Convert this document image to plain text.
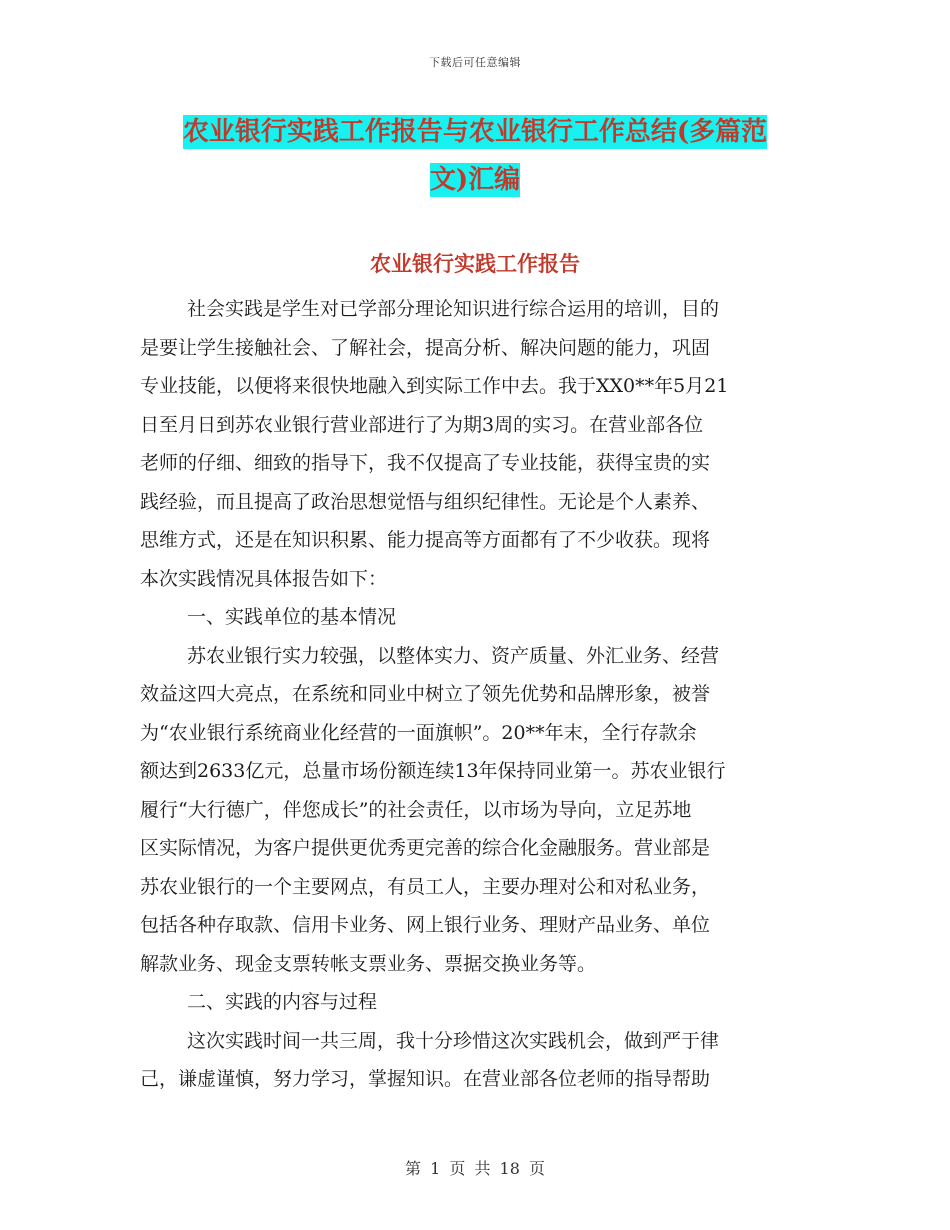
下载后可任意编辑
农业银行实践工作报告与农业银行工作总结(多篇范
文)汇编
农业银行实践工作报告
社会实践是学生对已学部分理论知识进行综合运用的培训，目的
是要让学生接触社会、了解社会，提高分析、解决问题的能力，巩固
专业技能，以便将来很快地融入到实际工作中去。我于XX0**年5月21
日至月日到苏农业银行营业部进行了为期3周的实习。在营业部各位
老师的仔细、细致的指导下，我不仅提高了专业技能，获得宝贵的实
践经验，而且提高了政治思想觉悟与组织纪律性。无论是个人素养、
思维方式，还是在知识积累、能力提高等方面都有了不少收获。现将
本次实践情况具体报告如下：
一、实践单位的基本情况
苏农业银行实力较强，以整体实力、资产质量、外汇业务、经营
效益这四大亮点，在系统和同业中树立了领先优势和品牌形象，被誉
为“农业银行系统商业化经营的一面旗帜”。20**年末，全行存款余
额达到2633亿元，总量市场份额连续13年保持同业第一。苏农业银行
履行“大行德广，伴您成长”的社会责任，以市场为导向，立足苏地
区实际情况，为客户提供更优秀更完善的综合化金融服务。营业部是
苏农业银行的一个主要网点，有员工人，主要办理对公和对私业务，
包括各种存取款、信用卡业务、网上银行业务、理财产品业务、单位
解款业务、现金支票转帐支票业务、票据交换业务等。
二、实践的内容与过程
这次实践时间一共三周，我十分珍惜这次实践机会，做到严于律
己，谦虚谨慎，努力学习，掌握知识。在营业部各位老师的指导帮助
第 1 页 共 18 页
